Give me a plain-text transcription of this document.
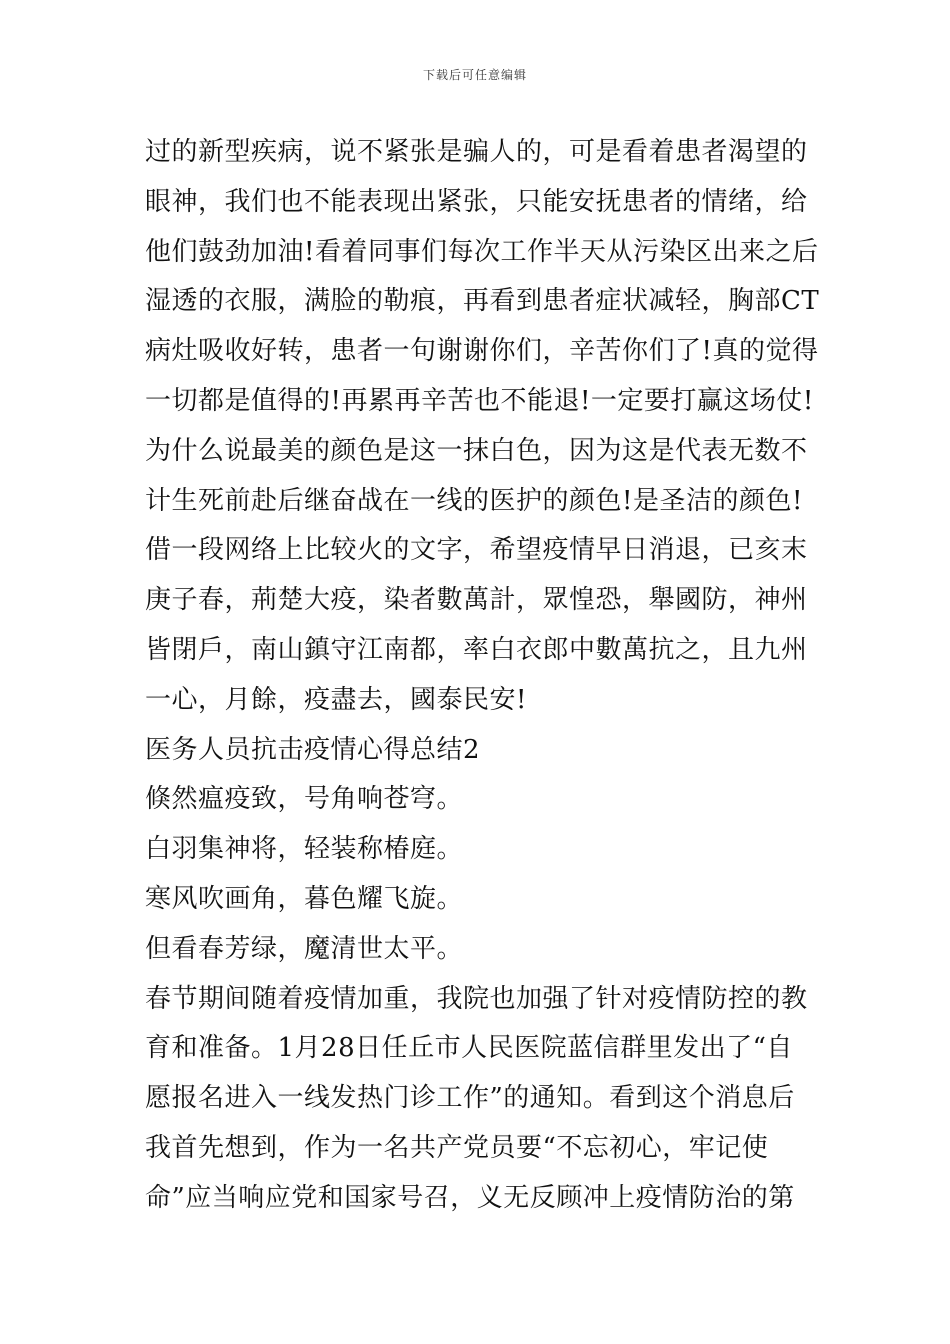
下载后可任意编辑
过的新型疾病，说不紧张是骗人的，可是看着患者渴望的
眼神，我们也不能表现出紧张，只能安抚患者的情绪，给
他们鼓劲加油!看着同事们每次工作半天从污染区出来之后
湿透的衣服，满脸的勒痕，再看到患者症状减轻，胸部CT
病灶吸收好转，患者一句谢谢你们，辛苦你们了!真的觉得
一切都是值得的!再累再辛苦也不能退!一定要打赢这场仗!
为什么说最美的颜色是这一抹白色，因为这是代表无数不
计生死前赴后继奋战在一线的医护的颜色!是圣洁的颜色!
借一段网络上比较火的文字，希望疫情早日消退，已亥末
庚子春，荊楚大疫，染者數萬計，眾惶恐，舉國防，神州
皆閉戶，南山鎮守江南都，率白衣郎中數萬抗之，且九州
一心，月餘，疫盡去，國泰民安!
医务人员抗击疫情心得总结2
倏然瘟疫致，号角响苍穹。
白羽集神将，轻装称椿庭。
寒风吹画角，暮色耀飞旋。
但看春芳绿，魔清世太平。
春节期间随着疫情加重，我院也加强了针对疫情防控的教
育和准备。1月28日任丘市人民医院蓝信群里发出了“自
愿报名进入一线发热门诊工作”的通知。看到这个消息后
我首先想到，作为一名共产党员要“不忘初心，牢记使
命”应当响应党和国家号召，义无反顾冲上疫情防治的第
